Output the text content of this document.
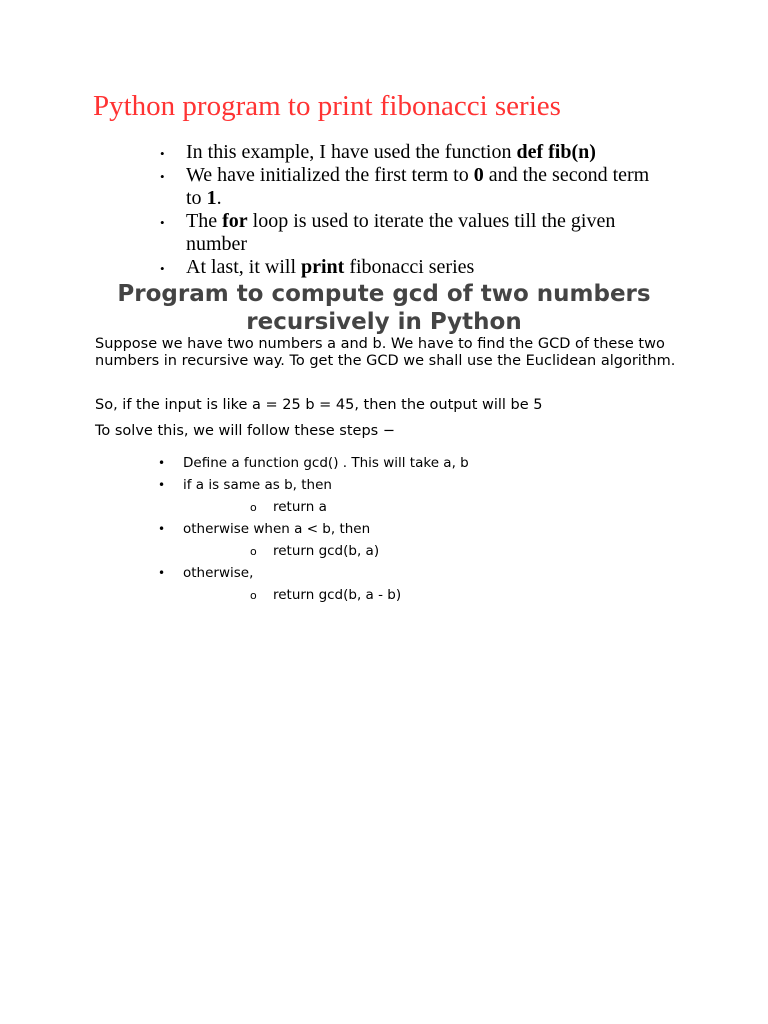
Python program to print fibonacci series
• In this example, I have used the function def fib(n)
• We have initialized the first term to 0 and the second term to 1.
• The for loop is used to iterate the values till the given number
• At last, it will print fibonacci series
Program to compute gcd of two numbers recursively in Python

Suppose we have two numbers a and b. We have to find the GCD of these two numbers in recursive way. To get the GCD we shall use the Euclidean algorithm.

So, if the input is like a = 25 b = 45, then the output will be 5

To solve this, we will follow these steps −

• Define a function gcd() . This will take a, b
• if a is same as b, then
o return a
• otherwise when a < b, then
o return gcd(b, a)
• otherwise,
o return gcd(b, a - b)
